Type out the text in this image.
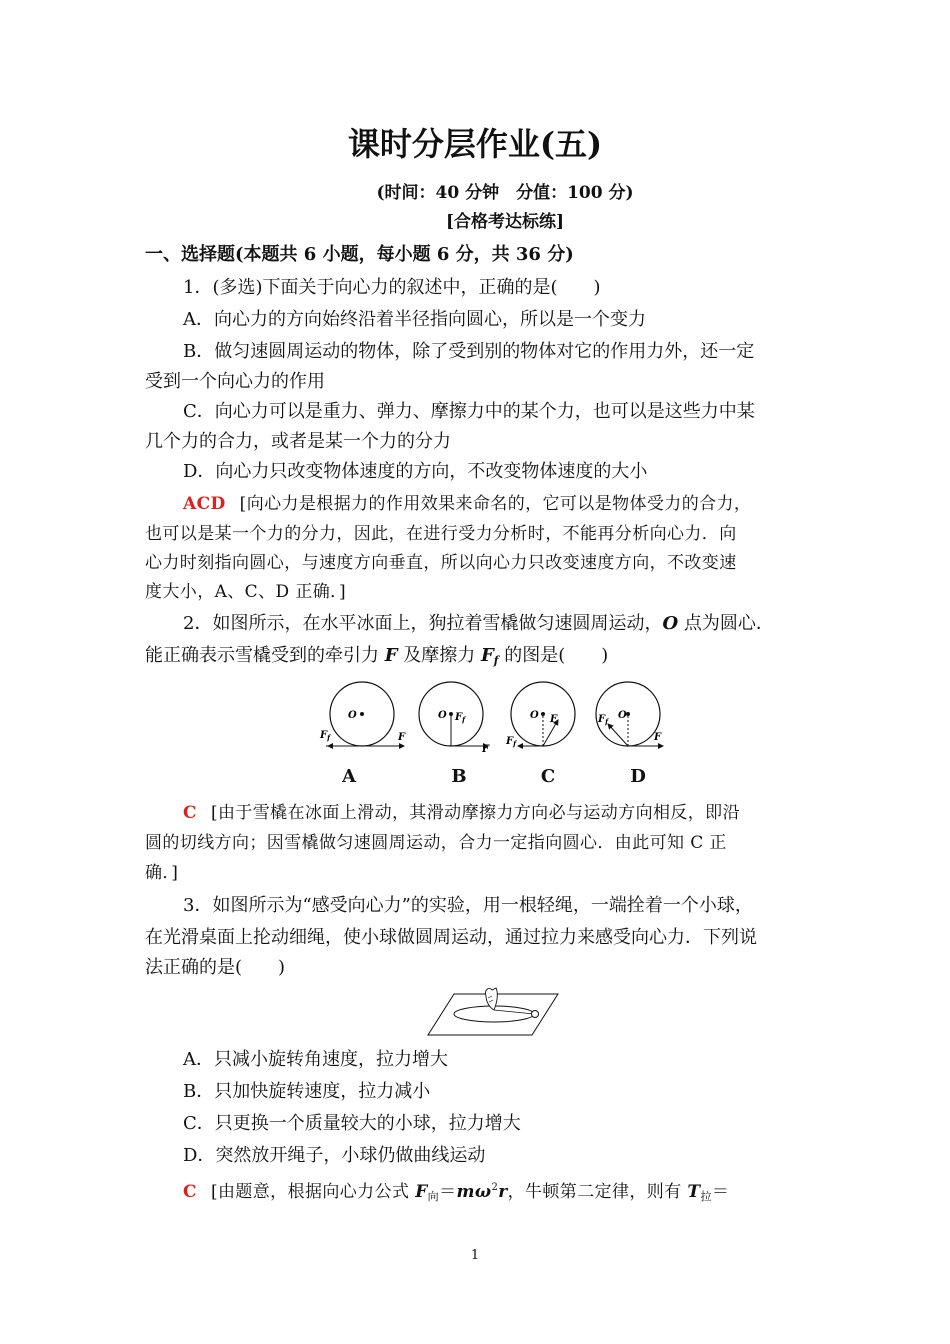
课时分层作业(五)
(时间：40 分钟　分值：100 分)
[合格考达标练]
一、选择题(本题共 6 小题，每小题 6 分，共 36 分)
1．(多选)下面关于向心力的叙述中，正确的是(　　)
A．向心力的方向始终沿着半径指向圆心，所以是一个变力
B．做匀速圆周运动的物体，除了受到别的物体对它的作用力外，还一定
受到一个向心力的作用
C．向心力可以是重力、弹力、摩擦力中的某个力，也可以是这些力中某
几个力的合力，或者是某一个力的分力
D．向心力只改变物体速度的方向，不改变物体速度的大小
ACD [向心力是根据力的作用效果来命名的，它可以是物体受力的合力，
也可以是某一个力的分力，因此，在进行受力分析时，不能再分析向心力．向
心力时刻指向圆心，与速度方向垂直，所以向心力只改变速度方向，不改变速
度大小，A、C、D 正确．]
2．如图所示，在水平冰面上，狗拉着雪橇做匀速圆周运动，O 点为圆心．
能正确表示雪橇受到的牵引力 F 及摩擦力 $F_f$ 的图是(　　)
O
$F_f$	F
O $F_f$
F
O F
$F_f$
O
$F_f$
F
A	B	C	D
C [由于雪橇在冰面上滑动，其滑动摩擦力方向必与运动方向相反，即沿
圆的切线方向；因雪橇做匀速圆周运动，合力一定指向圆心．由此可知 C 正
确．]
3．如图所示为“感受向心力”的实验，用一根轻绳，一端拴着一个小球，
在光滑桌面上抡动细绳，使小球做圆周运动，通过拉力来感受向心力．下列说
法正确的是(　　)
A．只减小旋转角速度，拉力增大
B．只加快旋转速度，拉力减小
C．只更换一个质量较大的小球，拉力增大
D．突然放开绳子，小球仍做曲线运动
C [由题意，根据向心力公式 $F_向=m\omega^2r$，牛顿第二定律，则有 $T_拉=$
1
